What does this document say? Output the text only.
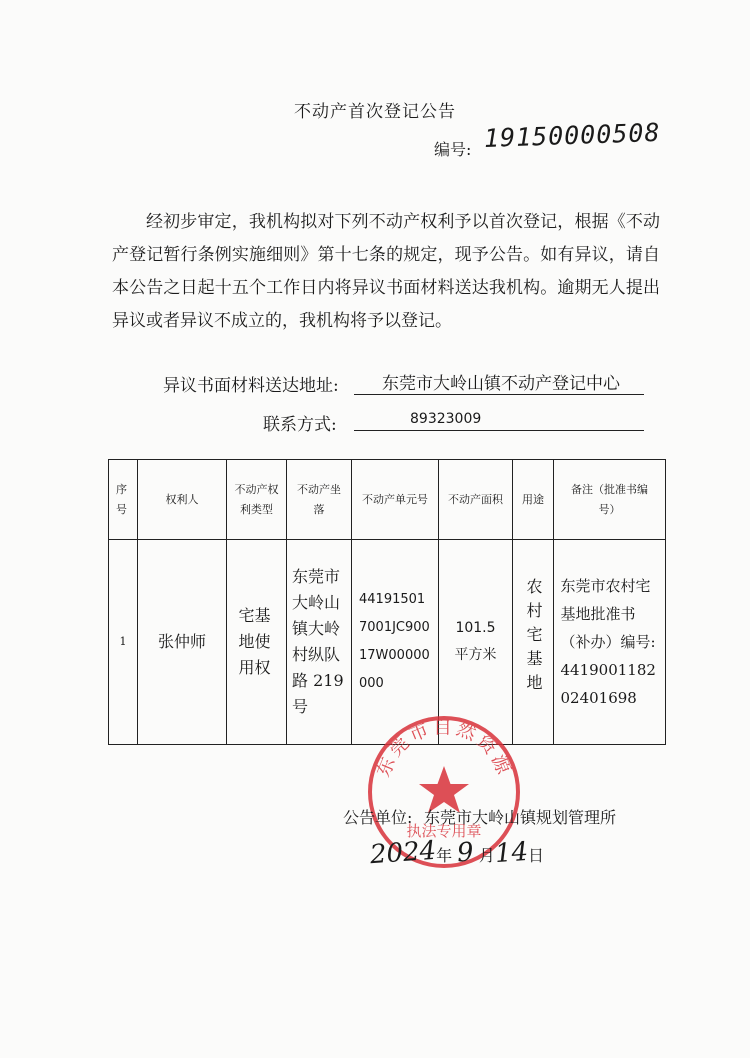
不动产首次登记公告
编号: 19150000508
经初步审定，我机构拟对下列不动产权利予以首次登记，根据《不动产登记暂行条例实施细则》第十七条的规定，现予公告。如有异议，请自本公告之日起十五个工作日内将异议书面材料送达我机构。逾期无人提出异议或者异议不成立的，我机构将予以登记。
异议书面材料送达地址:	东莞市大岭山镇不动产登记中心
联系方式:	89323009
序号	权利人	不动产权利类型	不动产坐落	不动产单元号	不动产面积	用途	备注（批准书编号）
1	张仲师	宅基地使用权	东莞市大岭山镇大岭村纵队路 219号	441915017001JC90017W00000000	101.5平方米	农村宅基地	东莞市农村宅基地批准书（补办）编号: 441900118202401698
东莞市自然资源
执法专用章
公告单位: 东莞市大岭山镇规划管理所
2024年 9 月14日
